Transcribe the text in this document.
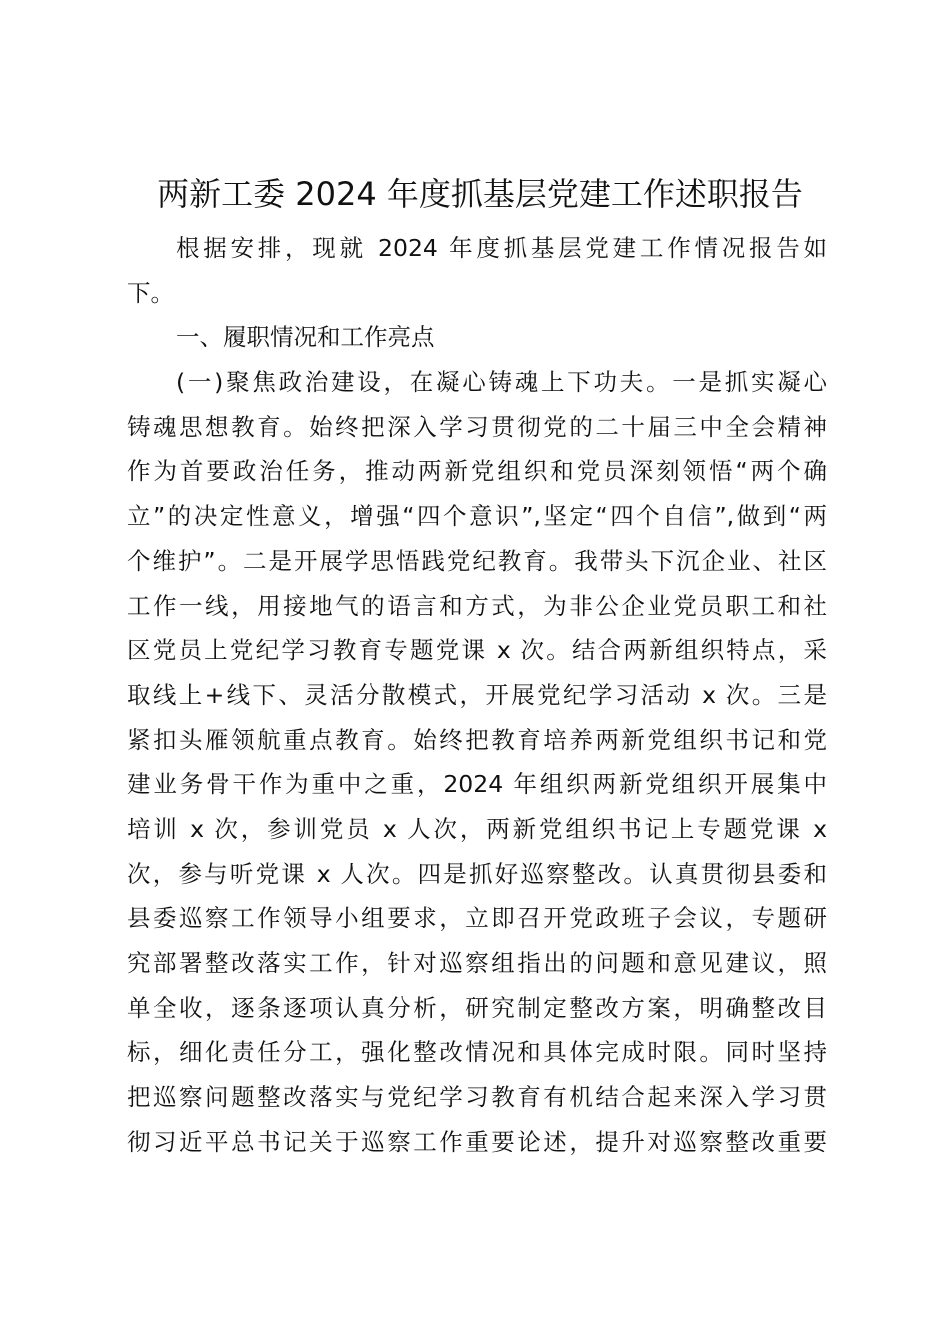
两新工委 2024 年度抓基层党建工作述职报告
根据安排，现就 2024 年度抓基层党建工作情况报告如
下。
一、履职情况和工作亮点
(一)聚焦政治建设，在凝心铸魂上下功夫。一是抓实凝心
铸魂思想教育。始终把深入学习贯彻党的二十届三中全会精神
作为首要政治任务，推动两新党组织和党员深刻领悟“两个确
立”的决定性意义，增强“四个意识”,坚定“四个自信”,做到“两
个维护”。二是开展学思悟践党纪教育。我带头下沉企业、社区
工作一线，用接地气的语言和方式，为非公企业党员职工和社
区党员上党纪学习教育专题党课 x 次。结合两新组织特点，采
取线上+线下、灵活分散模式，开展党纪学习活动 x 次。三是
紧扣头雁领航重点教育。始终把教育培养两新党组织书记和党
建业务骨干作为重中之重，2024 年组织两新党组织开展集中
培训 x 次，参训党员 x 人次，两新党组织书记上专题党课 x
次，参与听党课 x 人次。四是抓好巡察整改。认真贯彻县委和
县委巡察工作领导小组要求，立即召开党政班子会议，专题研
究部署整改落实工作，针对巡察组指出的问题和意见建议，照
单全收，逐条逐项认真分析，研究制定整改方案，明确整改目
标，细化责任分工，强化整改情况和具体完成时限。同时坚持
把巡察问题整改落实与党纪学习教育有机结合起来深入学习贯
彻习近平总书记关于巡察工作重要论述，提升对巡察整改重要
